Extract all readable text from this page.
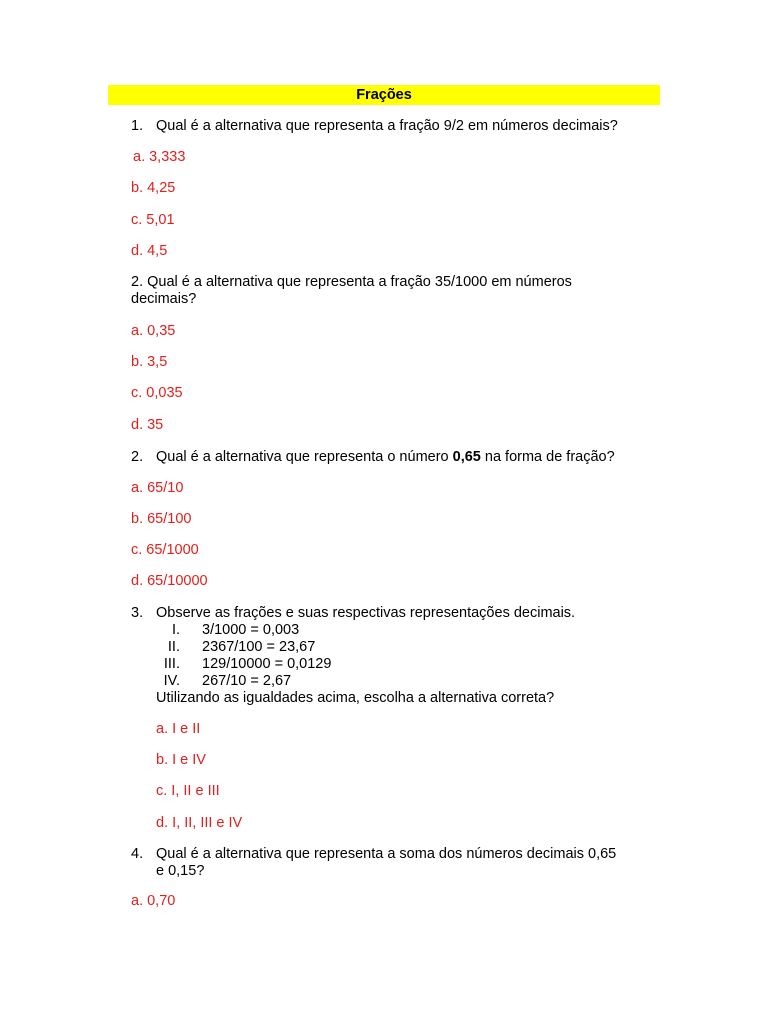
Frações
1. Qual é a alternativa que representa a fração 9/2 em números decimais?
a. 3,333
b. 4,25
c. 5,01
d. 4,5
2. Qual é a alternativa que representa a fração 35/1000 em números
decimais?
a. 0,35
b. 3,5
c. 0,035
d. 35
2. Qual é a alternativa que representa o número 0,65 na forma de fração?
a. 65/10
b. 65/100
c. 65/1000
d. 65/10000
3. Observe as frações e suas respectivas representações decimais.
I. 3/1000 = 0,003
II. 2367/100 = 23,67
III. 129/10000 = 0,0129
IV. 267/10 = 2,67
Utilizando as igualdades acima, escolha a alternativa correta?
a. I e II
b. I e IV
c. I, II e III
d. I, II, III e IV
4. Qual é a alternativa que representa a soma dos números decimais 0,65
e 0,15?
a. 0,70
